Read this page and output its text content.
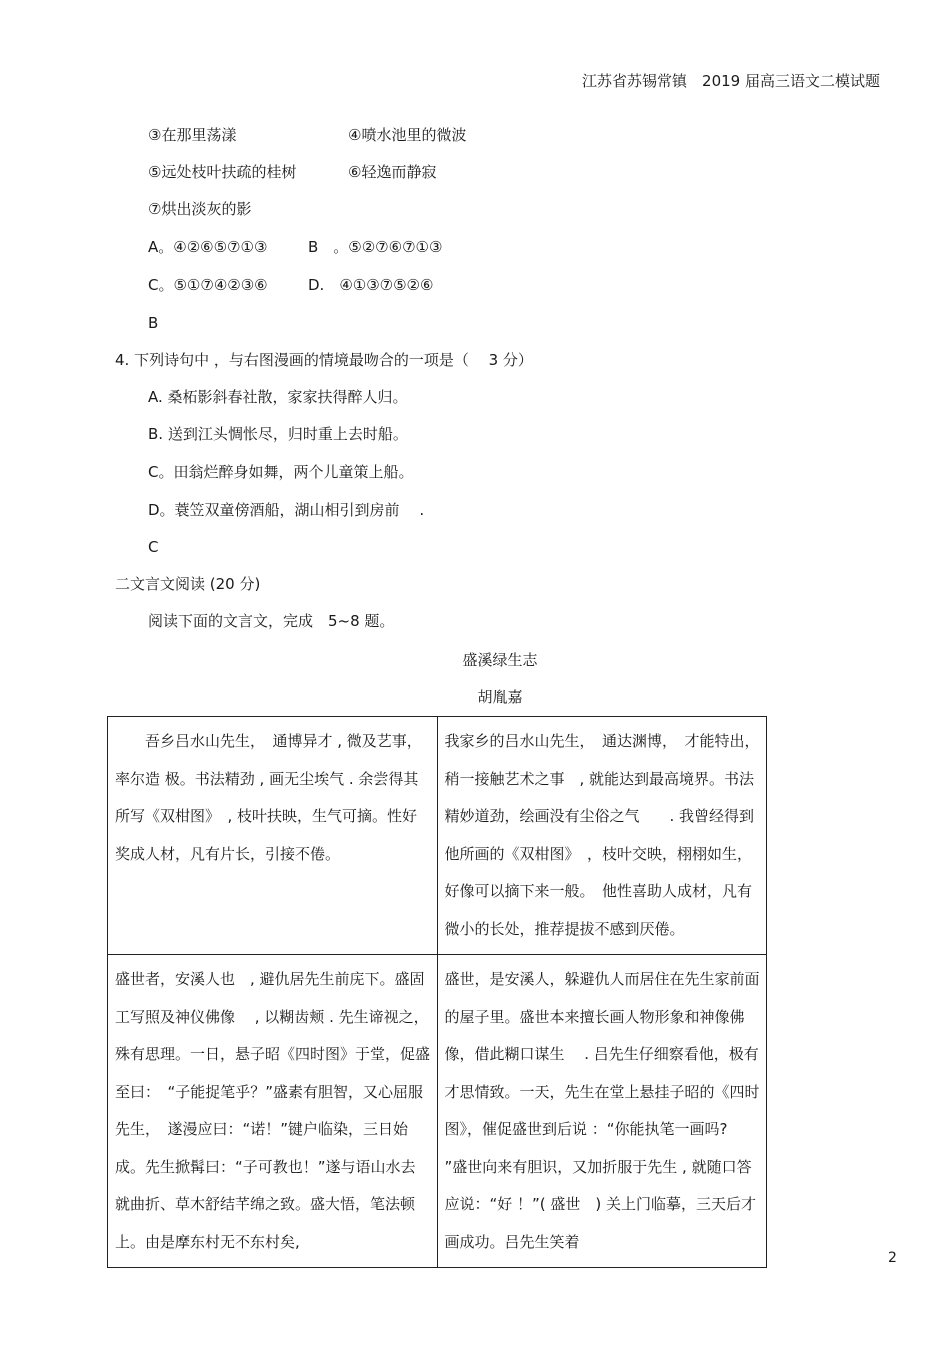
江苏省苏锡常镇　2019 届高三语文二模试题
③在那里荡漾	④喷水池里的微波
⑤远处枝叶扶疏的桂树	⑥轻逸而静寂
⑦烘出淡灰的影
A。④②⑥⑤⑦①③	B　。⑤②⑦⑥⑦①③
C。⑤①⑦④②③⑥	D.　④①③⑦⑤②⑥
B
4. 下列诗句中 ，与右图漫画的情境最吻合的一项是（　 3 分）
A. 桑柘影斜春社散，家家扶得醉人归。
B. 送到江头惆怅尽，归时重上去时船。
C。田翁烂醉身如舞，两个儿童策上船。
D。蓑笠双童傍酒船，湖山相引到房前　 .
C
二文言文阅读 (20 分)
阅读下面的文言文，完成　5~8 题。
盛溪绿生志
胡胤嘉

吾乡吕水山先生，　通博异才 , 微及艺事，率尔造 极。书法精劲 , 画无尘埃气 . 余尝得其所写《双柑图》　, 枝叶扶映，生气可摘。性好奖成人材，凡有片长，引接不倦。	我家乡的吕水山先生，　通达渊博，　才能特出，稍一接触艺术之事　, 就能达到最高境界。书法精妙道劲，绘画没有尘俗之气　　. 我曾经得到他所画的《双柑图》　，枝叶交映，栩栩如生，好像可以摘下来一般。　他性喜助人成材，凡有微小的长处，推荐提拔不感到厌倦。

盛世者，安溪人也　, 避仇居先生前庑下。盛固工写照及神仪佛像　 , 以糊齿颊 . 先生谛视之，殊有思理。一日，悬子昭《四时图》于堂，促盛至曰：　“子能捉笔乎？”盛素有胆智，又心屈服先生，　遂漫应曰：“诺！”键户临染，三日始成。先生掀髯曰：“子可教也！”遂与语山水去就曲折、草木舒结芊绵之致。盛大悟，笔法顿上。由是摩东村无不东村矣,	盛世，是安溪人，躲避仇人而居住在先生家前面的屋子里。盛世本来擅长画人物形象和神像佛像，借此糊口谋生　 . 吕先生仔细察看他，极有才思情致。一天，先生在堂上悬挂子昭的《四时图》，催促盛世到后说 ：“你能执笔一画吗?　　”盛世向来有胆识，又加折服于先生 , 就随口答应说：“好 ！”( 盛世　) 关上门临摹，三天后才画成功。吕先生笑着

2
